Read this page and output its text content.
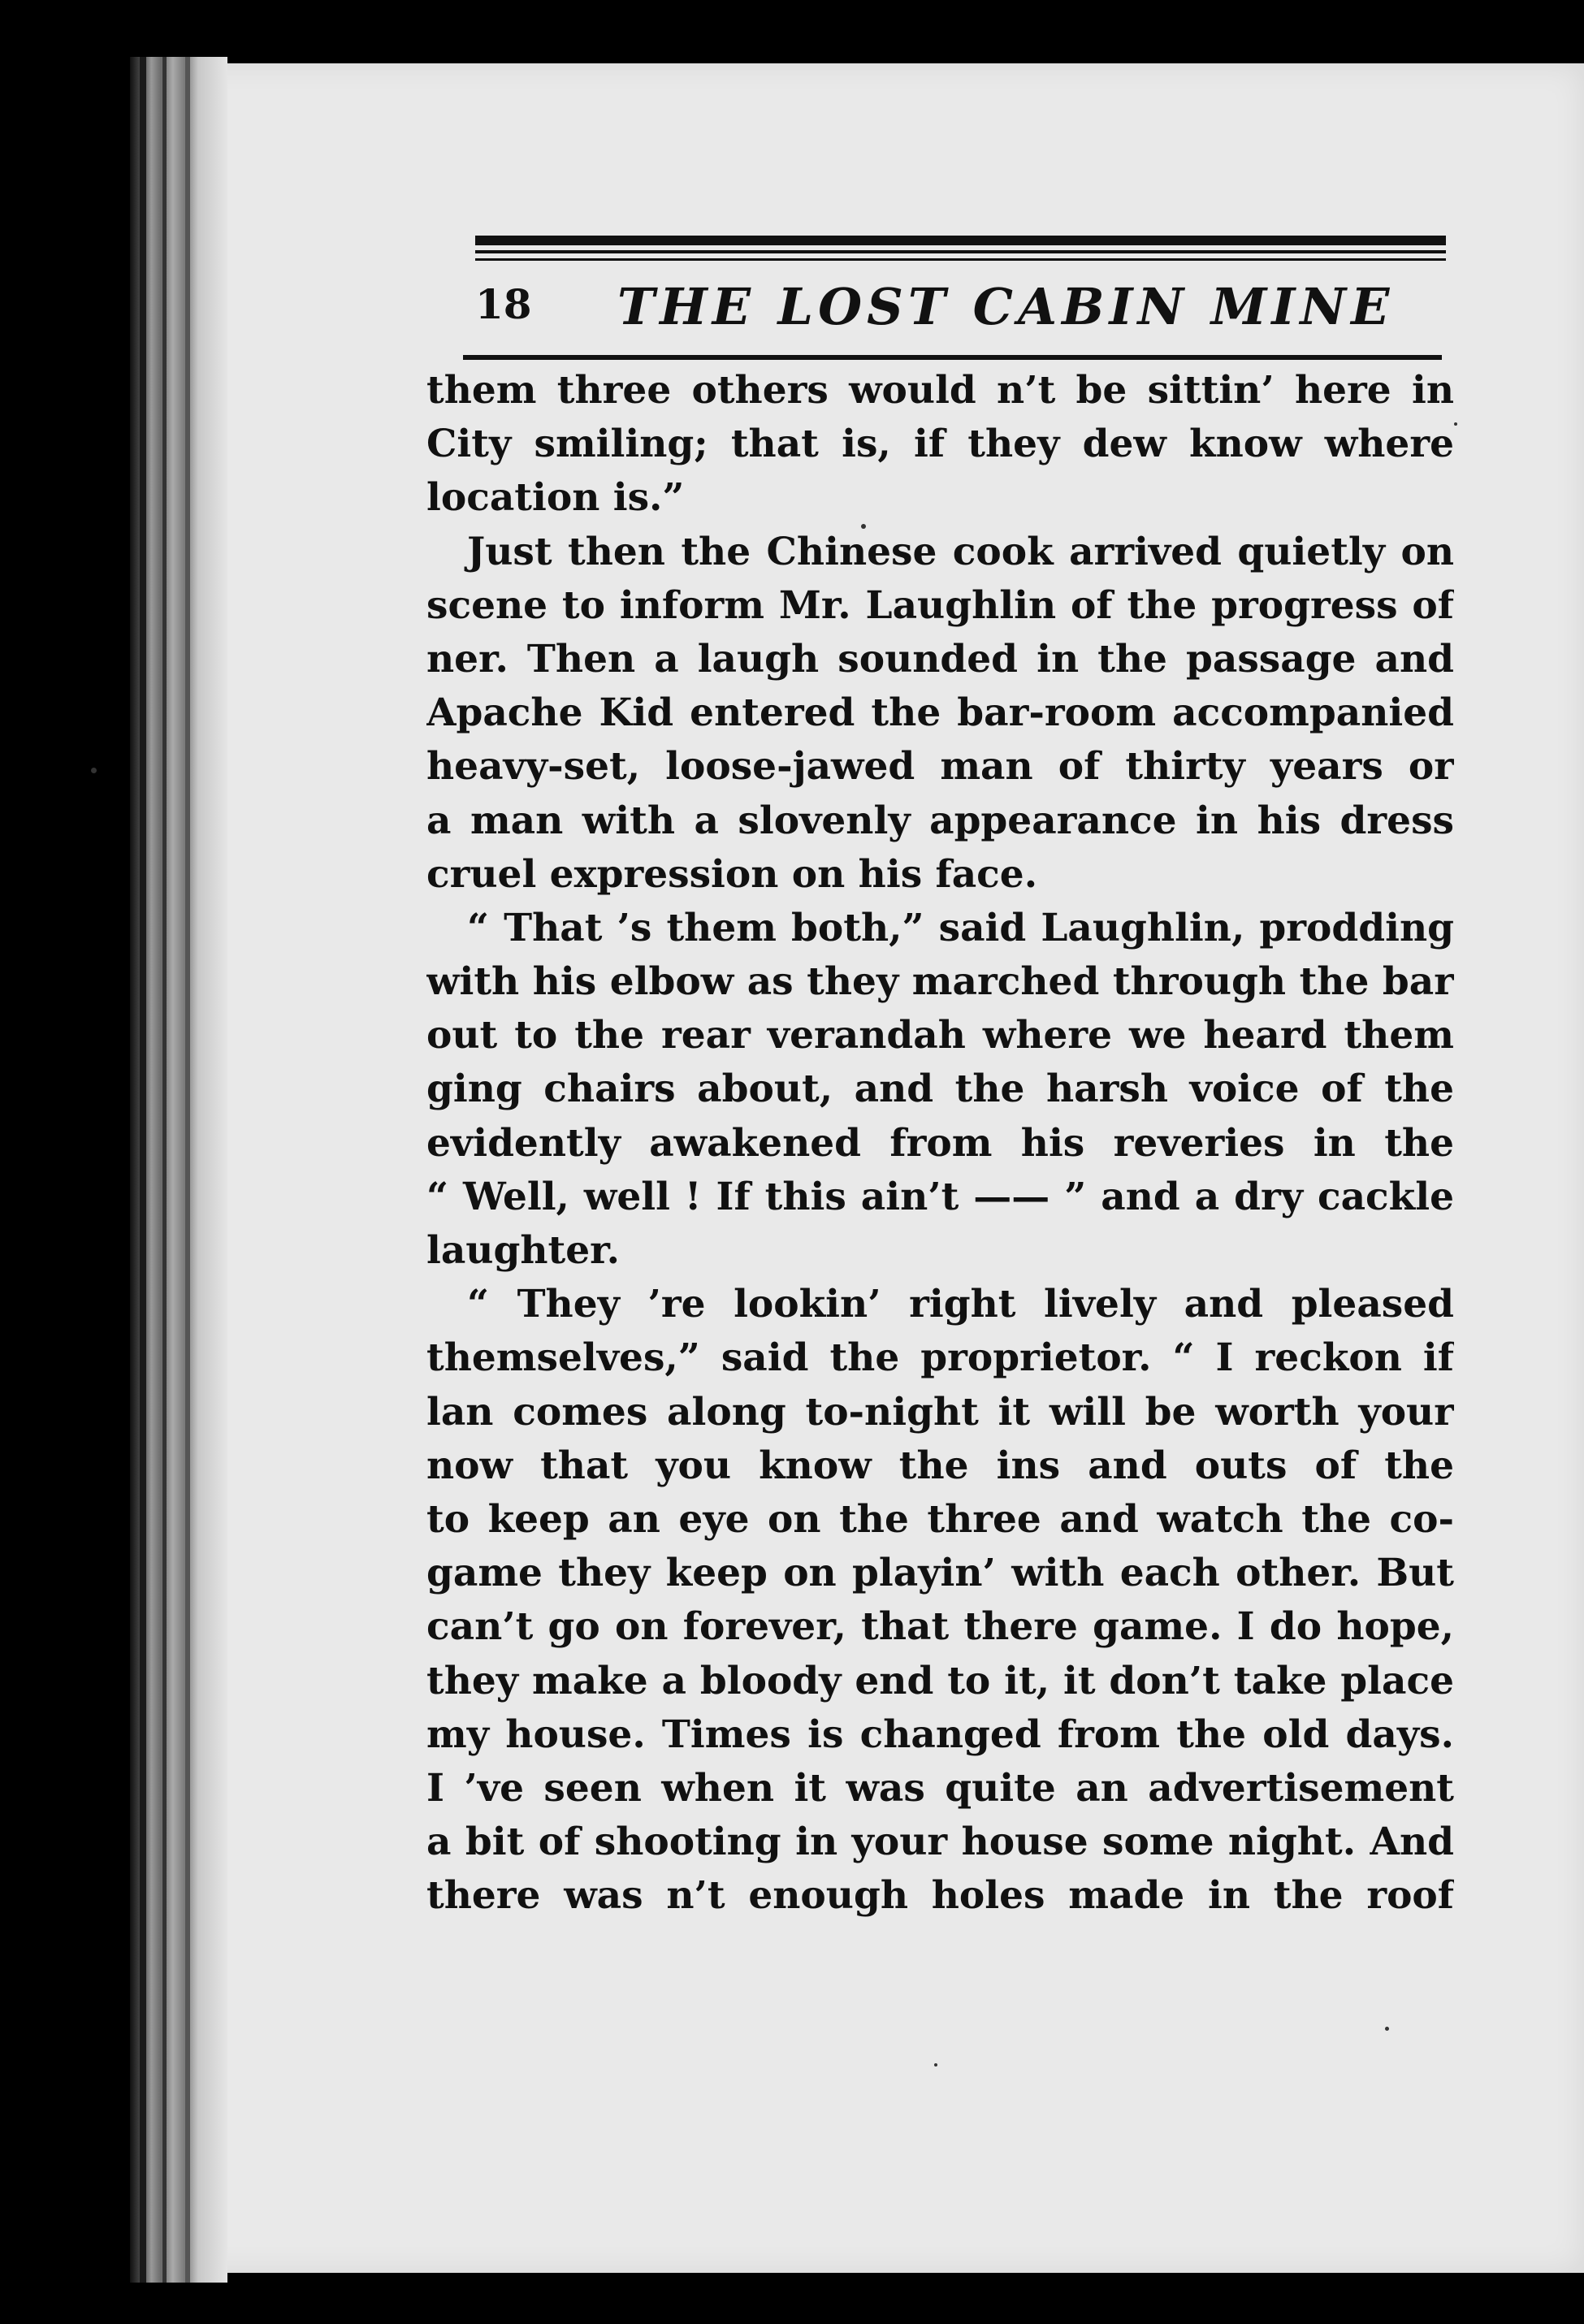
18 THE LOST CABIN MINE
them three others would n’t be sittin’ here in
City smiling; that is, if they dew know where
location is.”
Just then the Chinese cook arrived quietly on
scene to inform Mr. Laughlin of the progress of
ner. Then a laugh sounded in the passage and
Apache Kid entered the bar-room accompanied
heavy-set, loose-jawed man of thirty years or
a man with a slovenly appearance in his dress
cruel expression on his face.
“ That ’s them both,” said Laughlin, prodding
with his elbow as they marched through the bar
out to the rear verandah where we heard them
ging chairs about, and the harsh voice of the
evidently awakened from his reveries in the
“ Well, well ! If this ain’t —— ” and a dry cackle
laughter.
“ They ’re lookin’ right lively and pleased
themselves,” said the proprietor. “ I reckon if
lan comes along to-night it will be worth your
now that you know the ins and outs of the
to keep an eye on the three and watch the co-
game they keep on playin’ with each other. But
can’t go on forever, that there game. I do hope,
they make a bloody end to it, it don’t take place
my house. Times is changed from the old days.
I ’ve seen when it was quite an advertisement
a bit of shooting in your house some night. And
there was n’t enough holes made in the roof
